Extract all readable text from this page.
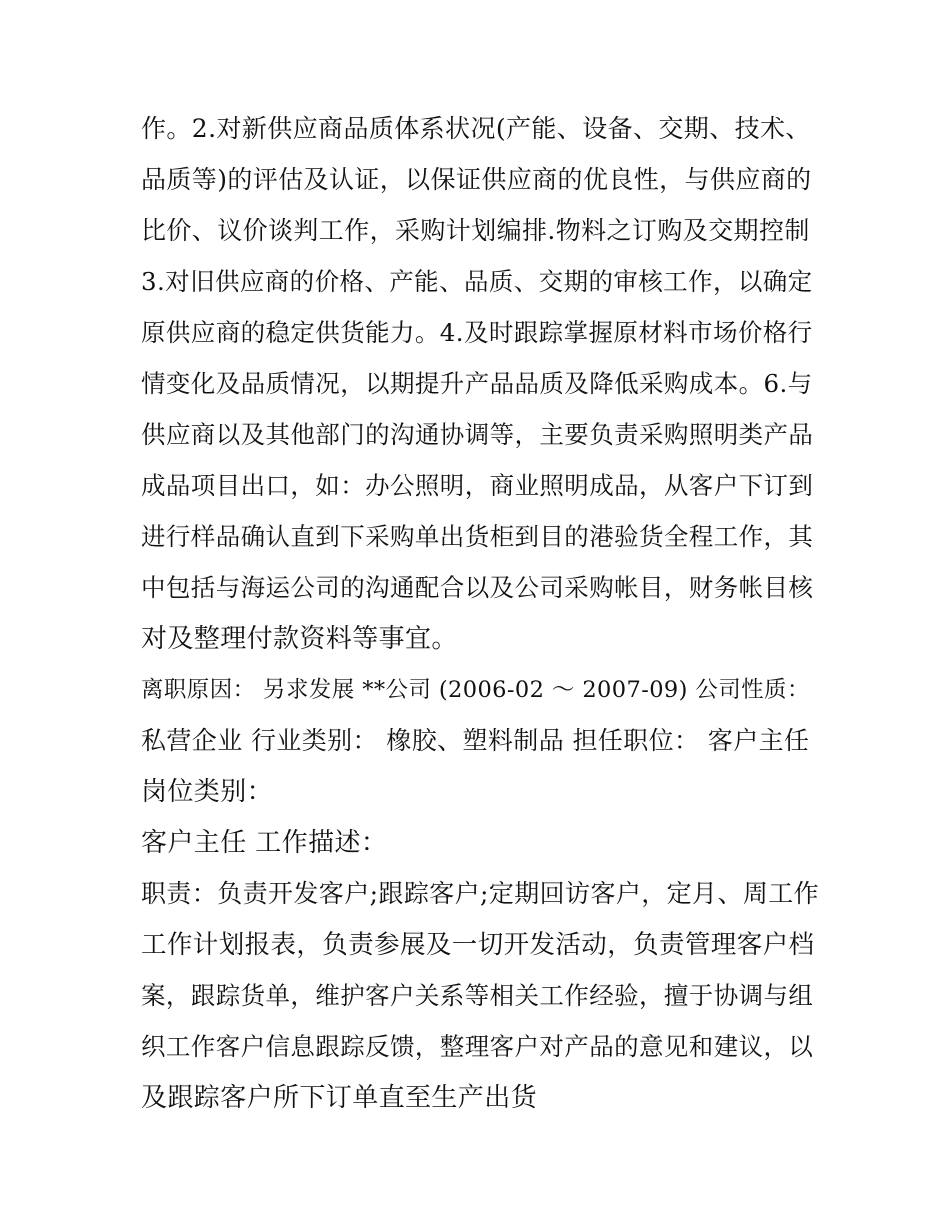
作。2.对新供应商品质体系状况(产能、设备、交期、技术、
品质等)的评估及认证，以保证供应商的优良性，与供应商的
比价、议价谈判工作，采购计划编排.物料之订购及交期控制
3.对旧供应商的价格、产能、品质、交期的审核工作，以确定
原供应商的稳定供货能力。4.及时跟踪掌握原材料市场价格行
情变化及品质情况，以期提升产品品质及降低采购成本。6.与
供应商以及其他部门的沟通协调等，主要负责采购照明类产品
成品项目出口，如：办公照明，商业照明成品，从客户下订到
进行样品确认直到下采购单出货柜到目的港验货全程工作，其
中包括与海运公司的沟通配合以及公司采购帐目，财务帐目核
对及整理付款资料等事宜。
离职原因： 另求发展 **公司 (2006-02 ～ 2007-09) 公司性质：
私营企业 行业类别： 橡胶、塑料制品 担任职位： 客户主任
岗位类别：
客户主任 工作描述：
职责：负责开发客户;跟踪客户;定期回访客户，定月、周工作
工作计划报表，负责参展及一切开发活动，负责管理客户档
案，跟踪货单，维护客户关系等相关工作经验，擅于协调与组
织工作客户信息跟踪反馈，整理客户对产品的意见和建议，以
及跟踪客户所下订单直至生产出货
